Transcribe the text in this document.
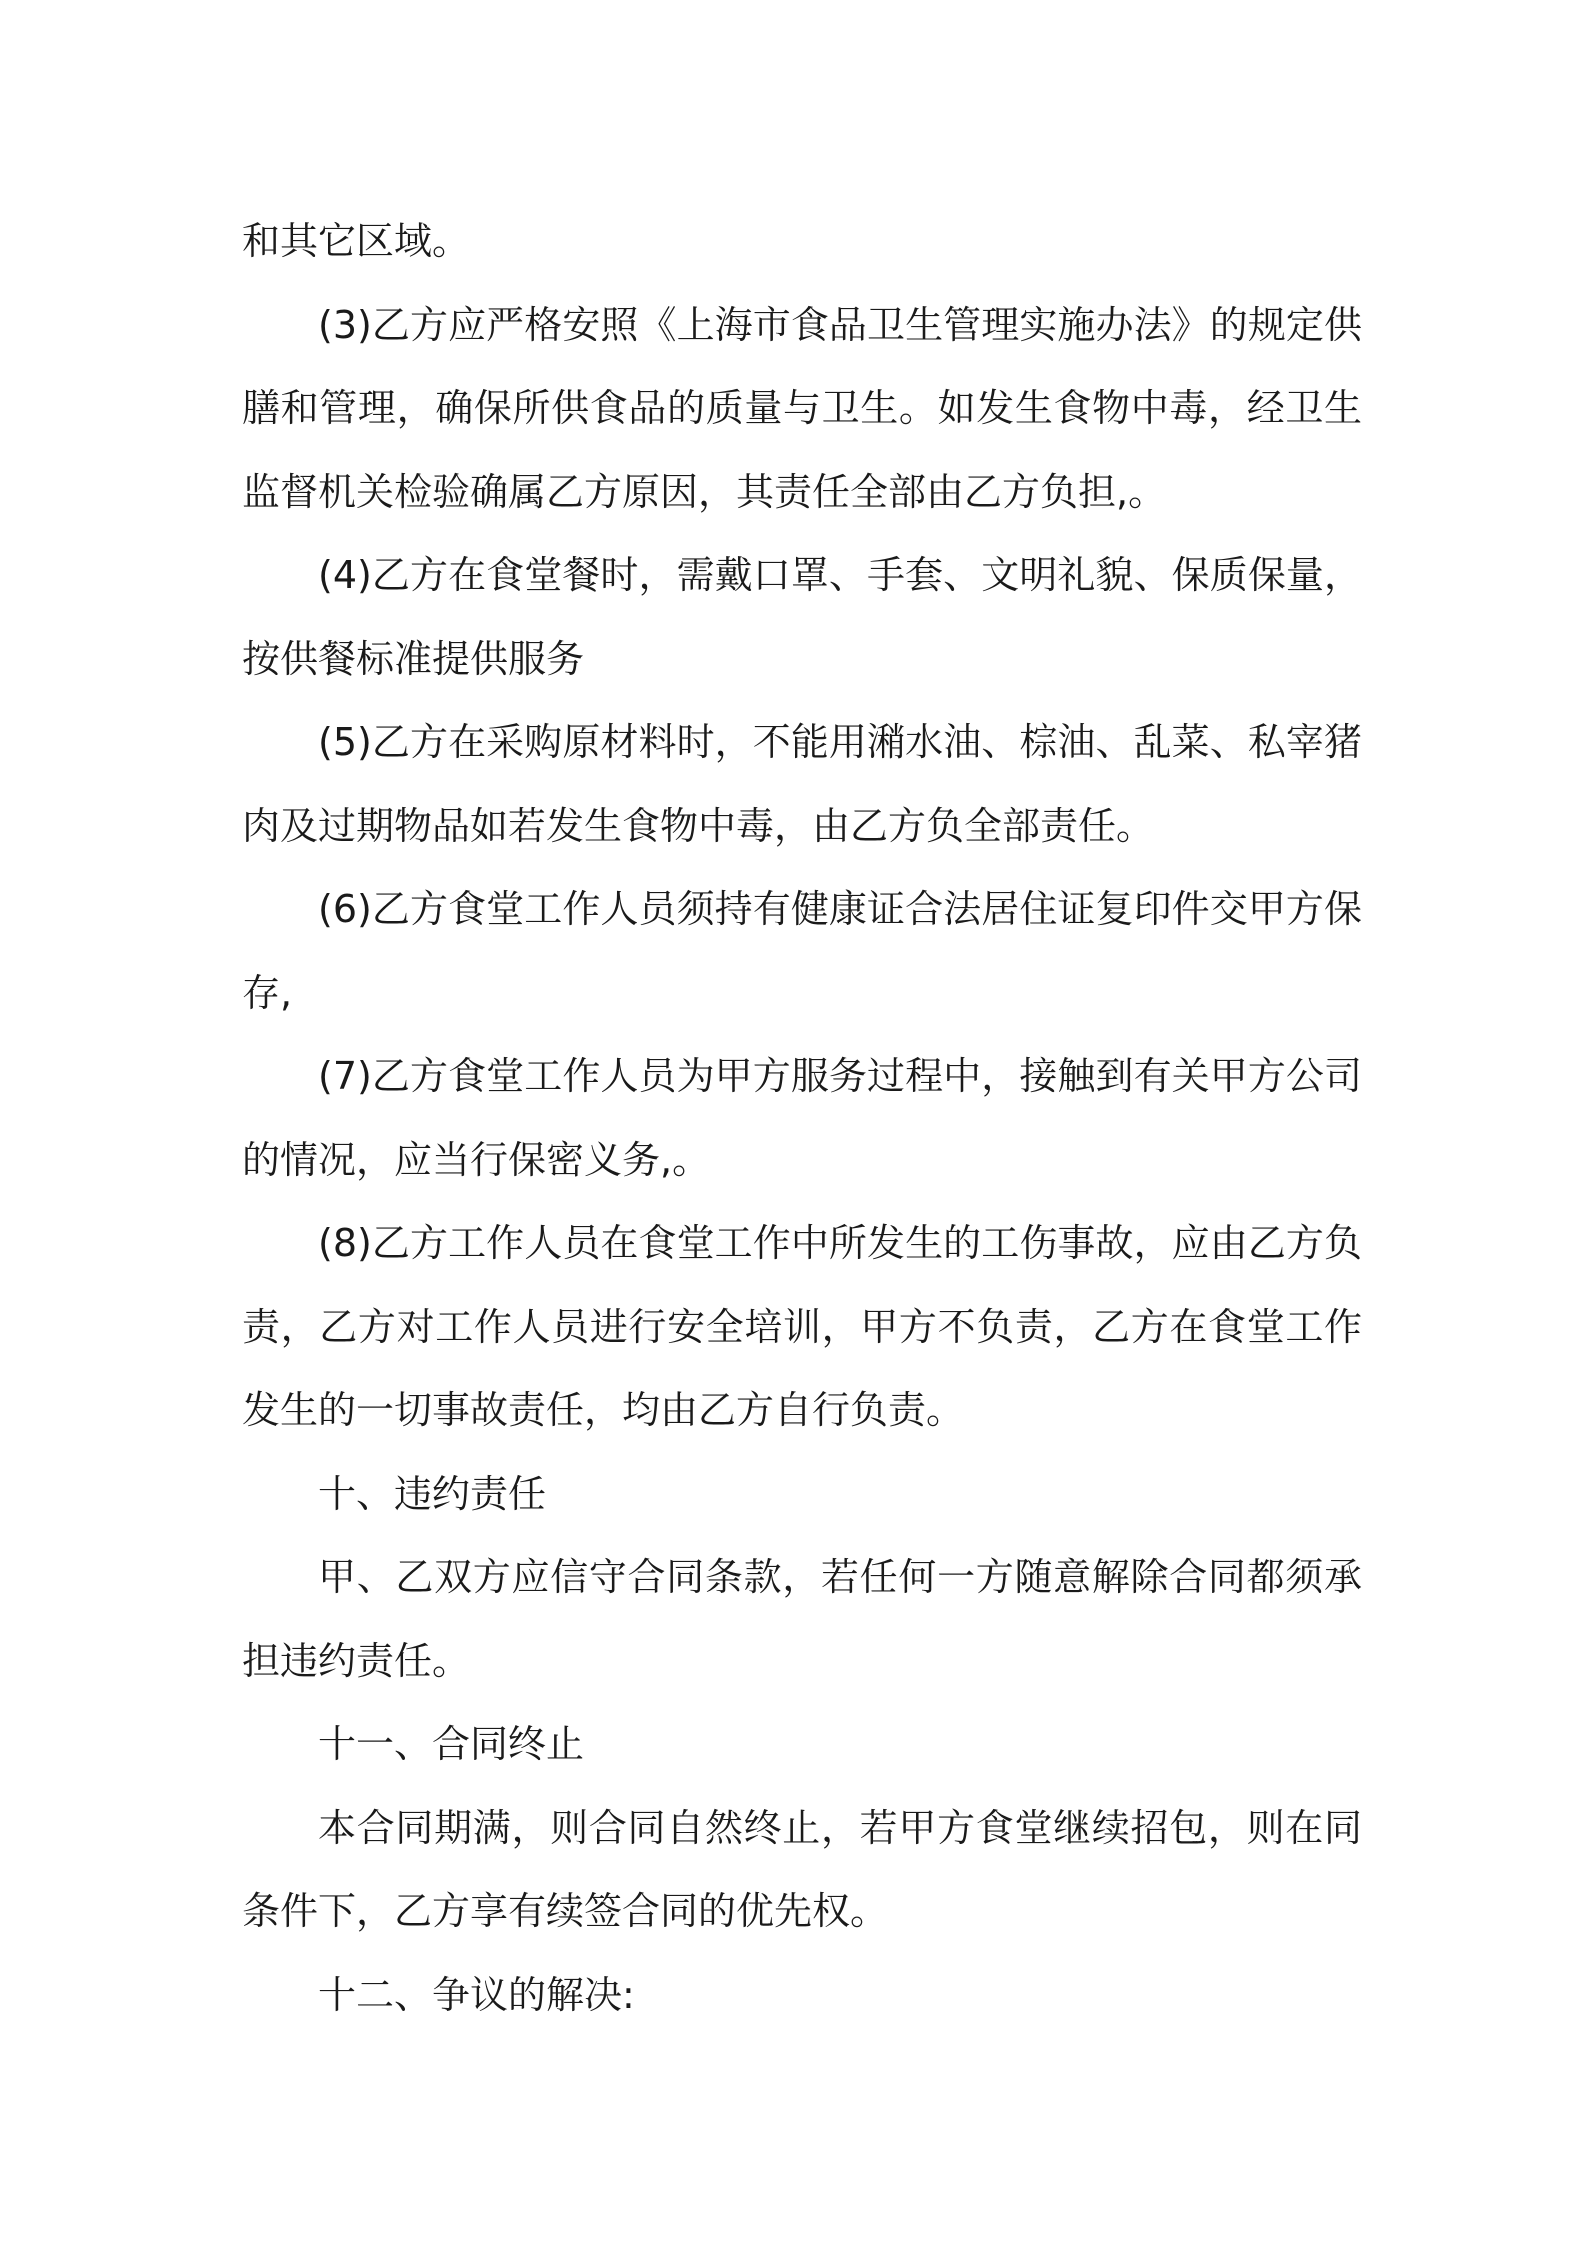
和其它区域。

(3)乙方应严格安照《上海市食品卫生管理实施办法》的规定供膳和管理，确保所供食品的质量与卫生。如发生食物中毒，经卫生监督机关检验确属乙方原因，其责任全部由乙方负担,。

(4)乙方在食堂餐时，需戴口罩、手套、文明礼貌、保质保量，按供餐标准提供服务

(5)乙方在采购原材料时，不能用潲水油、棕油、乱菜、私宰猪肉及过期物品如若发生食物中毒，由乙方负全部责任。

(6)乙方食堂工作人员须持有健康证合法居住证复印件交甲方保存,

(7)乙方食堂工作人员为甲方服务过程中，接触到有关甲方公司的情况，应当行保密义务,。

(8)乙方工作人员在食堂工作中所发生的工伤事故，应由乙方负责，乙方对工作人员进行安全培训，甲方不负责，乙方在食堂工作发生的一切事故责任，均由乙方自行负责。

十、违约责任

甲、乙双方应信守合同条款，若任何一方随意解除合同都须承担违约责任。

十一、合同终止

本合同期满，则合同自然终止，若甲方食堂继续招包，则在同条件下，乙方享有续签合同的优先权。

十二、争议的解决:
